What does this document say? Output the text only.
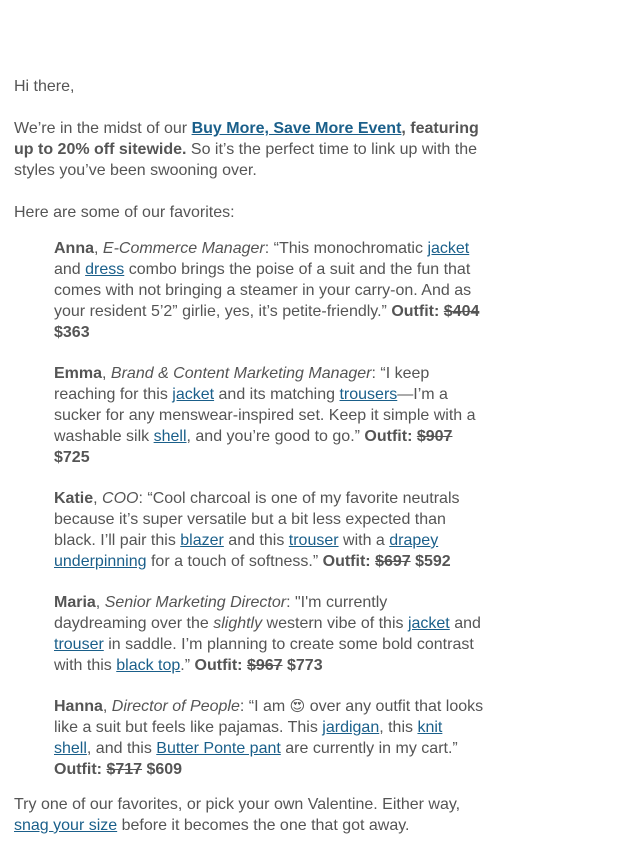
Hi there,

We’re in the midst of our Buy More, Save More Event, featuring up to 20% off sitewide. So it’s the perfect time to link up with the styles you’ve been swooning over.

Here are some of our favorites:

Anna, E-Commerce Manager: “This monochromatic jacket and dress combo brings the poise of a suit and the fun that comes with not bringing a steamer in your carry-on. And as your resident 5’2” girlie, yes, it’s petite-friendly.” Outfit: $404 $363
Emma, Brand & Content Marketing Manager: “I keep reaching for this jacket and its matching trousers—I’m a sucker for any menswear-inspired set. Keep it simple with a washable silk shell, and you’re good to go.” Outfit: $907 $725
Katie, COO: “Cool charcoal is one of my favorite neutrals because it’s super versatile but a bit less expected than black. I’ll pair this blazer and this trouser with a drapey underpinning for a touch of softness.” Outfit: $697 $592
Maria, Senior Marketing Director: "I'm currently daydreaming over the slightly western vibe of this jacket and trouser in saddle. I’m planning to create some bold contrast with this black top.” Outfit: $967 $773
Hanna, Director of People: “I am 😍 over any outfit that looks like a suit but feels like pajamas. This jardigan, this knit shell, and this Butter Ponte pant are currently in my cart.” Outfit: $717 $609

Try one of our favorites, or pick your own Valentine. Either way, snag your size before it becomes the one that got away.
